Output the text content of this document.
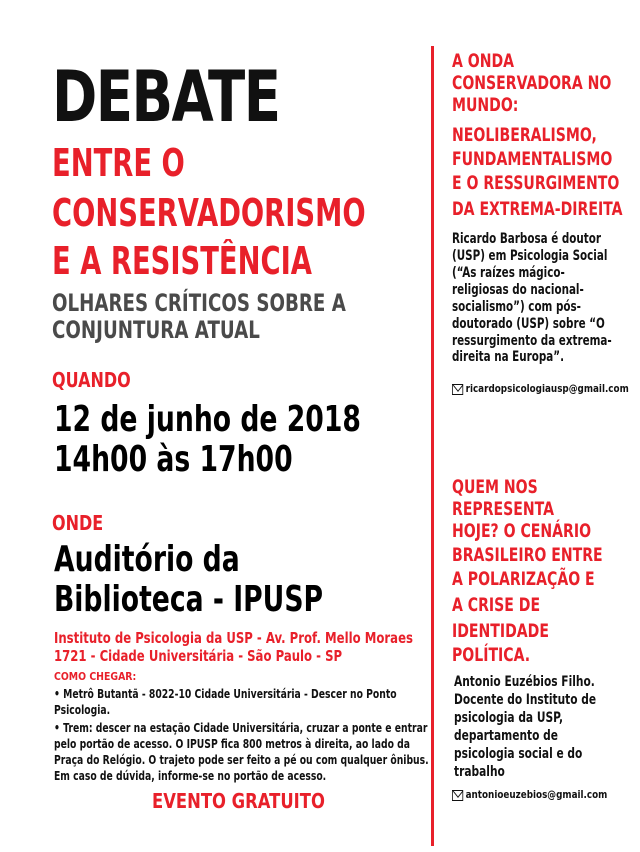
DEBATE
ENTRE O
CONSERVADORISMO
E A RESISTÊNCIA
OLHARES CRÍTICOS SOBRE A
CONJUNTURA ATUAL
QUANDO
12 de junho de 2018
14h00 às 17h00
ONDE
Auditório da
Biblioteca - IPUSP
Instituto de Psicologia da USP - Av. Prof. Mello Moraes
1721 - Cidade Universitária - São Paulo - SP
COMO CHEGAR:
• Metrô Butantã - 8022-10 Cidade Universitária - Descer no Ponto
Psicologia.
• Trem: descer na estação Cidade Universitária, cruzar a ponte e entrar
pelo portão de acesso. O IPUSP fica 800 metros à direita, ao lado da
Praça do Relógio. O trajeto pode ser feito a pé ou com qualquer ônibus.
Em caso de dúvida, informe-se no portão de acesso.
EVENTO GRATUITO
A ONDA
CONSERVADORA NO
MUNDO:
NEOLIBERALISMO,
FUNDAMENTALISMO
E O RESSURGIMENTO
DA EXTREMA-DIREITA
Ricardo Barbosa é doutor
(USP) em Psicologia Social
(“As raízes mágico-
religiosas do nacional-
socialismo”) com pós-
doutorado (USP) sobre “O
ressurgimento da extrema-
direita na Europa”.
ricardopsicologiausp@gmail.com
QUEM NOS
REPRESENTA
HOJE? O CENÁRIO
BRASILEIRO ENTRE
A POLARIZAÇÃO E
A CRISE DE
IDENTIDADE
POLÍTICA.
Antonio Euzébios Filho.
Docente do Instituto de
psicologia da USP,
departamento de
psicologia social e do
trabalho
antonioeuzebios@gmail.com
